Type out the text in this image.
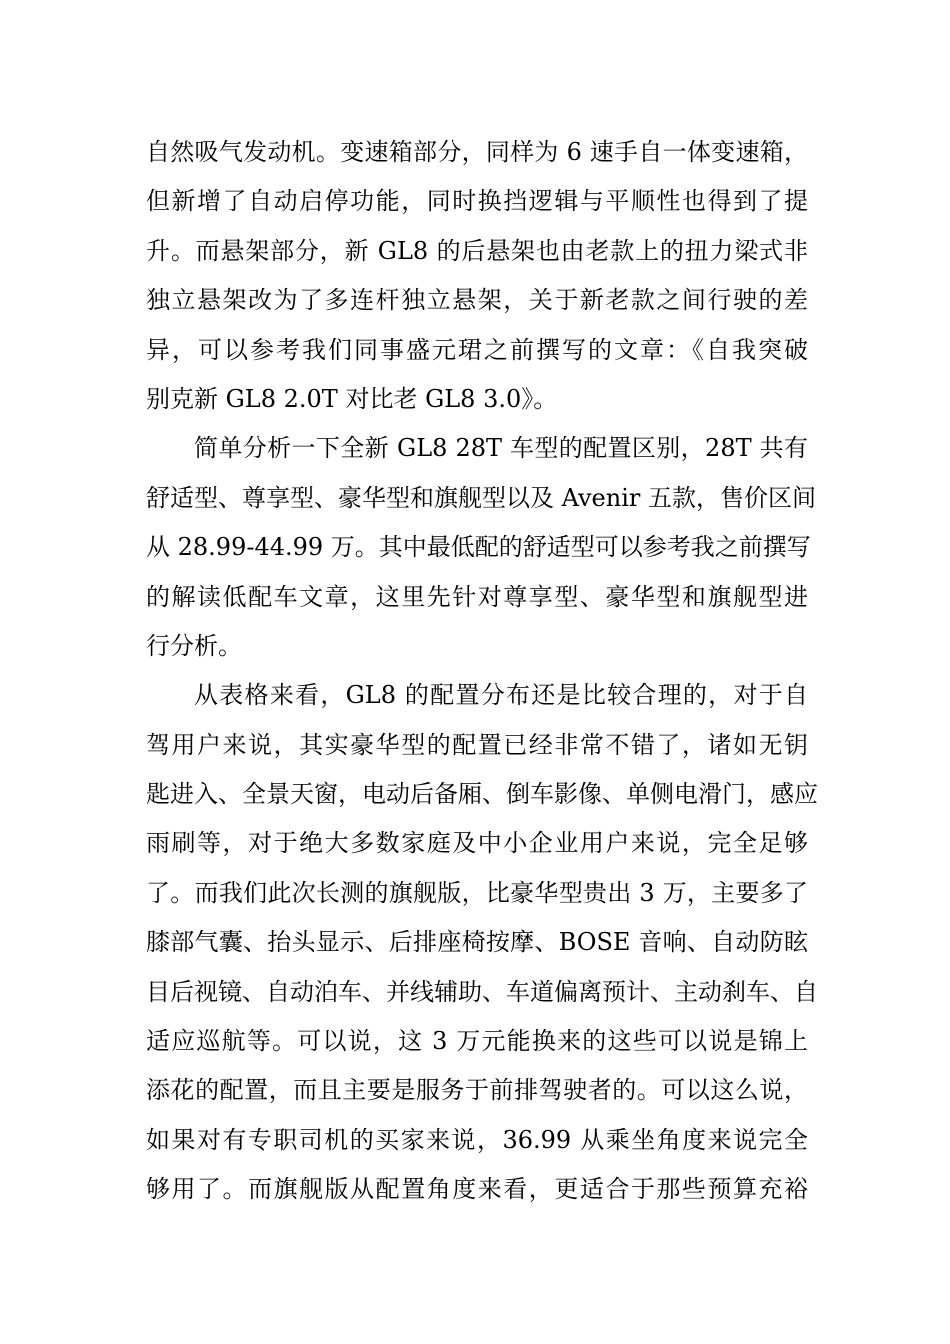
自然吸气发动机。变速箱部分，同样为 6 速手自一体变速箱，
但新增了自动启停功能，同时换挡逻辑与平顺性也得到了提
升。而悬架部分，新 GL8 的后悬架也由老款上的扭力梁式非
独立悬架改为了多连杆独立悬架，关于新老款之间行驶的差
异，可以参考我们同事盛元珺之前撰写的文章：《自我突破
别克新 GL8 2.0T 对比老 GL8 3.0》。
简单分析一下全新 GL8 28T 车型的配置区别，28T 共有
舒适型、尊享型、豪华型和旗舰型以及 Avenir 五款，售价区间
从 28.99-44.99 万。其中最低配的舒适型可以参考我之前撰写
的解读低配车文章，这里先针对尊享型、豪华型和旗舰型进
行分析。
从表格来看，GL8 的配置分布还是比较合理的，对于自
驾用户来说，其实豪华型的配置已经非常不错了，诸如无钥
匙进入、全景天窗，电动后备厢、倒车影像、单侧电滑门，感应
雨刷等，对于绝大多数家庭及中小企业用户来说，完全足够
了。而我们此次长测的旗舰版，比豪华型贵出 3 万，主要多了
膝部气囊、抬头显示、后排座椅按摩、BOSE 音响、自动防眩
目后视镜、自动泊车、并线辅助、车道偏离预计、主动刹车、自
适应巡航等。可以说，这 3 万元能换来的这些可以说是锦上
添花的配置，而且主要是服务于前排驾驶者的。可以这么说，
如果对有专职司机的买家来说，36.99 从乘坐角度来说完全
够用了。而旗舰版从配置角度来看，更适合于那些预算充裕
